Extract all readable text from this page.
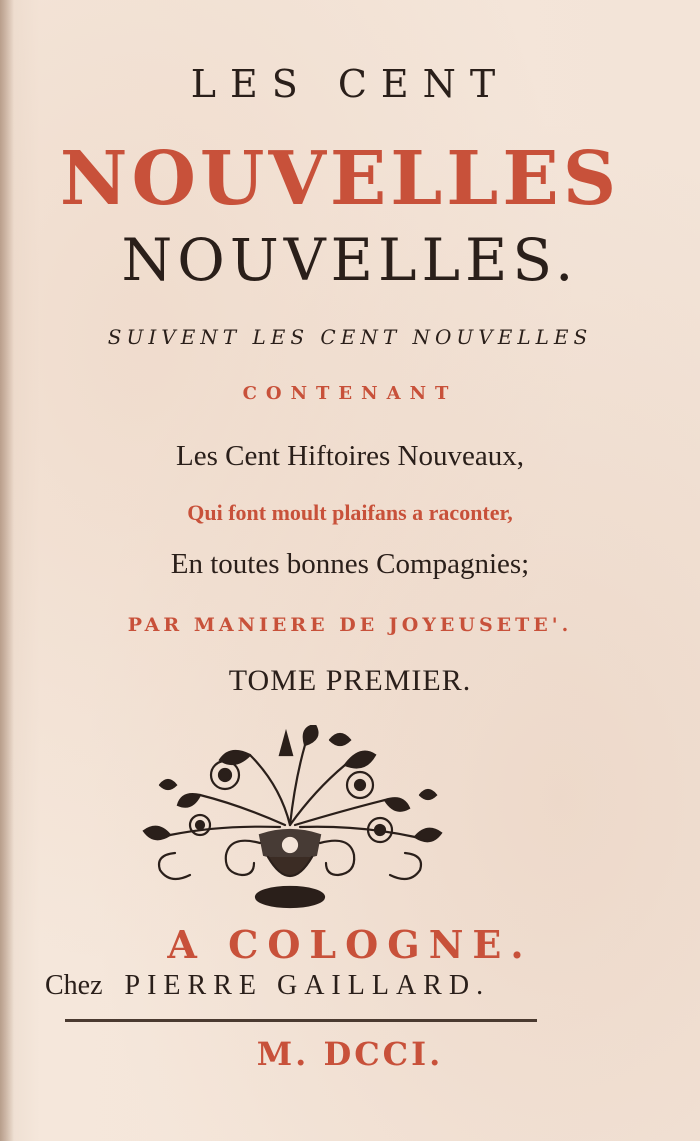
LES CENT
NOUVELLES
NOUVELLES.
SUIVENT LES CENT NOUVELLES
CONTENANT
Les Cent Hiftoires Nouveaux,
Qui font moult plaifans a raconter,
En toutes bonnes Compagnies;
PAR MANIERE DE JOYEUSETE'.
TOME PREMIER.
A COLOGNE.
Chez PIERRE GAILLARD.
M. DCCI.
